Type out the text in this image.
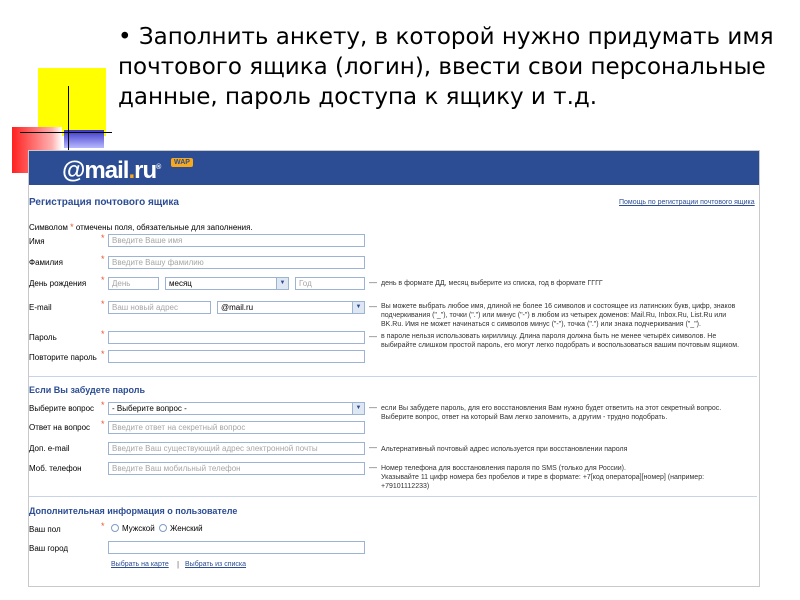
• Заполнить анкету, в которой нужно придумать имя почтового ящика (логин), ввести свои персональные данные, пароль доступа к ящику и т.д.
@mail.ru®
WAP
Регистрация почтового ящика	Помощь по регистрации почтового ящика
Символом * отмечены поля, обязательные для заполнения.
Имя	* Введите Ваше имя
Фамилия	* Введите Вашу фамилию
День рождения * День	месяц	▼	Год	— день в формате ДД, месяц выберите из списка, год в формате ГГГГ
E-mail	* Ваш новый адрес	@mail.ru	▼ — Вы можете выбрать любое имя, длиной не более 16 символов и состоящее из латинских букв, цифр, знаков
подчеркивания ("_"), точки (".") или минус ("-") в любом из четырех доменов: Mail.Ru, Inbox.Ru, List.Ru или
BK.Ru. Имя не может начинаться с символов минус ("-"), точка (".") или знака подчеркивания ("_").
Пароль	*	— в пароле нельзя использовать кириллицу. Длина пароля должна быть не менее четырёх символов. Не
выбирайте слишком простой пароль, его могут легко подобрать и воспользоваться вашим почтовым ящиком.
Повторите пароль *
Если Вы забудете пароль
Выберите вопрос * - Выберите вопрос -	▼ — если Вы забудете пароль, для его восстановления Вам нужно будет ответить на этот секретный вопрос.
Выберите вопрос, ответ на который Вам легко запомнить, а другим - трудно подобрать.
Ответ на вопрос * Введите ответ на секретный вопрос
Доп. e-mail	Введите Ваш существующий адрес электронной почты	— Альтернативный почтовый адрес используется при восстановлении пароля
Моб. телефон	Введите Ваш мобильный телефон	— Номер телефона для восстановления пароля по SMS (только для России).
Указывайте 11 цифр номера без пробелов и тире в формате: +7[код оператора][номер] (например:
+79101112233)
Дополнительная информация о пользователе
Ваш пол	* Мужской Женский
Ваш город
Выбрать на карте | Выбрать из списка
